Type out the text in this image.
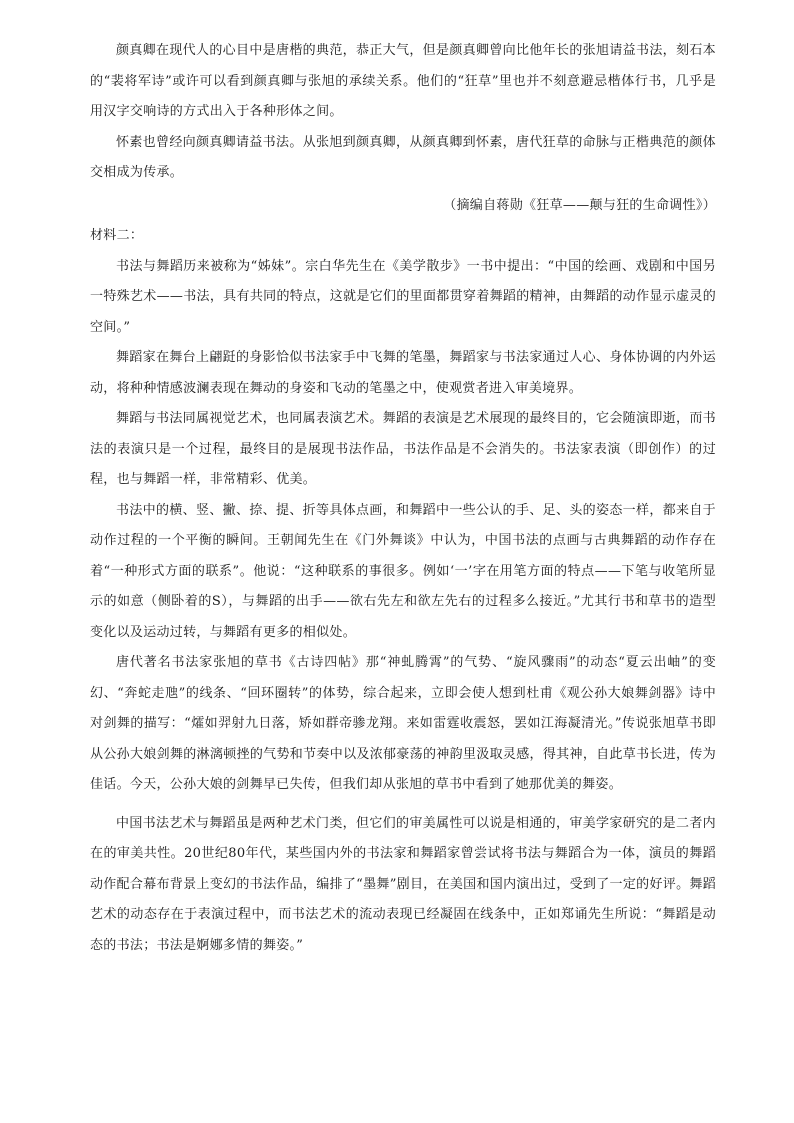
颜真卿在现代人的心目中是唐楷的典范，恭正大气，但是颜真卿曾向比他年长的张旭请益书法，刻石本的“裴将军诗”或许可以看到颜真卿与张旭的承续关系。他们的“狂草”里也并不刻意避忌楷体行书，几乎是用汉字交响诗的方式出入于各种形体之间。

怀素也曾经向颜真卿请益书法。从张旭到颜真卿，从颜真卿到怀素，唐代狂草的命脉与正楷典范的颜体交相成为传承。

（摘编自蒋勋《狂草——颠与狂的生命调性》）

材料二：

书法与舞蹈历来被称为“姊妹”。宗白华先生在《美学散步》一书中提出：“中国的绘画、戏剧和中国另一特殊艺术——书法，具有共同的特点，这就是它们的里面都贯穿着舞蹈的精神，由舞蹈的动作显示虚灵的空间。”

舞蹈家在舞台上翩跹的身影恰似书法家手中飞舞的笔墨，舞蹈家与书法家通过人心、身体协调的内外运动，将种种情感波澜表现在舞动的身姿和飞动的笔墨之中，使观赏者进入审美境界。

舞蹈与书法同属视觉艺术，也同属表演艺术。舞蹈的表演是艺术展现的最终目的，它会随演即逝，而书法的表演只是一个过程，最终目的是展现书法作品，书法作品是不会消失的。书法家表演（即创作）的过程，也与舞蹈一样，非常精彩、优美。

书法中的横、竖、撇、捺、提、折等具体点画，和舞蹈中一些公认的手、足、头的姿态一样，都来自于动作过程的一个平衡的瞬间。王朝闻先生在《门外舞谈》中认为，中国书法的点画与古典舞蹈的动作存在着“一种形式方面的联系”。他说：“这种联系的事很多。例如‘一’字在用笔方面的特点——下笔与收笔所显示的如意（侧卧着的S），与舞蹈的出手——欲右先左和欲左先右的过程多么接近。”尤其行书和草书的造型变化以及运动过转，与舞蹈有更多的相似处。

唐代著名书法家张旭的草书《古诗四帖》那“神虬腾霄”的气势、“旋风骤雨”的动态“夏云出岫”的变幻、“奔蛇走虺”的线条、“回环圈转”的体势，综合起来，立即会使人想到杜甫《观公孙大娘舞剑器》诗中对剑舞的描写：“㸌如羿射九日落，矫如群帝骖龙翔。来如雷霆收震怒，罢如江海凝清光。”传说张旭草书即从公孙大娘剑舞的淋漓顿挫的气势和节奏中以及浓郁豪荡的神韵里汲取灵感，得其神，自此草书长进，传为佳话。今天，公孙大娘的剑舞早已失传，但我们却从张旭的草书中看到了她那优美的舞姿。

中国书法艺术与舞蹈虽是两种艺术门类，但它们的审美属性可以说是相通的，审美学家研究的是二者内在的审美共性。20世纪80年代，某些国内外的书法家和舞蹈家曾尝试将书法与舞蹈合为一体，演员的舞蹈动作配合幕布背景上变幻的书法作品，编排了“墨舞”剧目，在美国和国内演出过，受到了一定的好评。舞蹈艺术的动态存在于表演过程中，而书法艺术的流动表现已经凝固在线条中，正如郑诵先生所说：“舞蹈是动态的书法；书法是婀娜多情的舞姿。”
